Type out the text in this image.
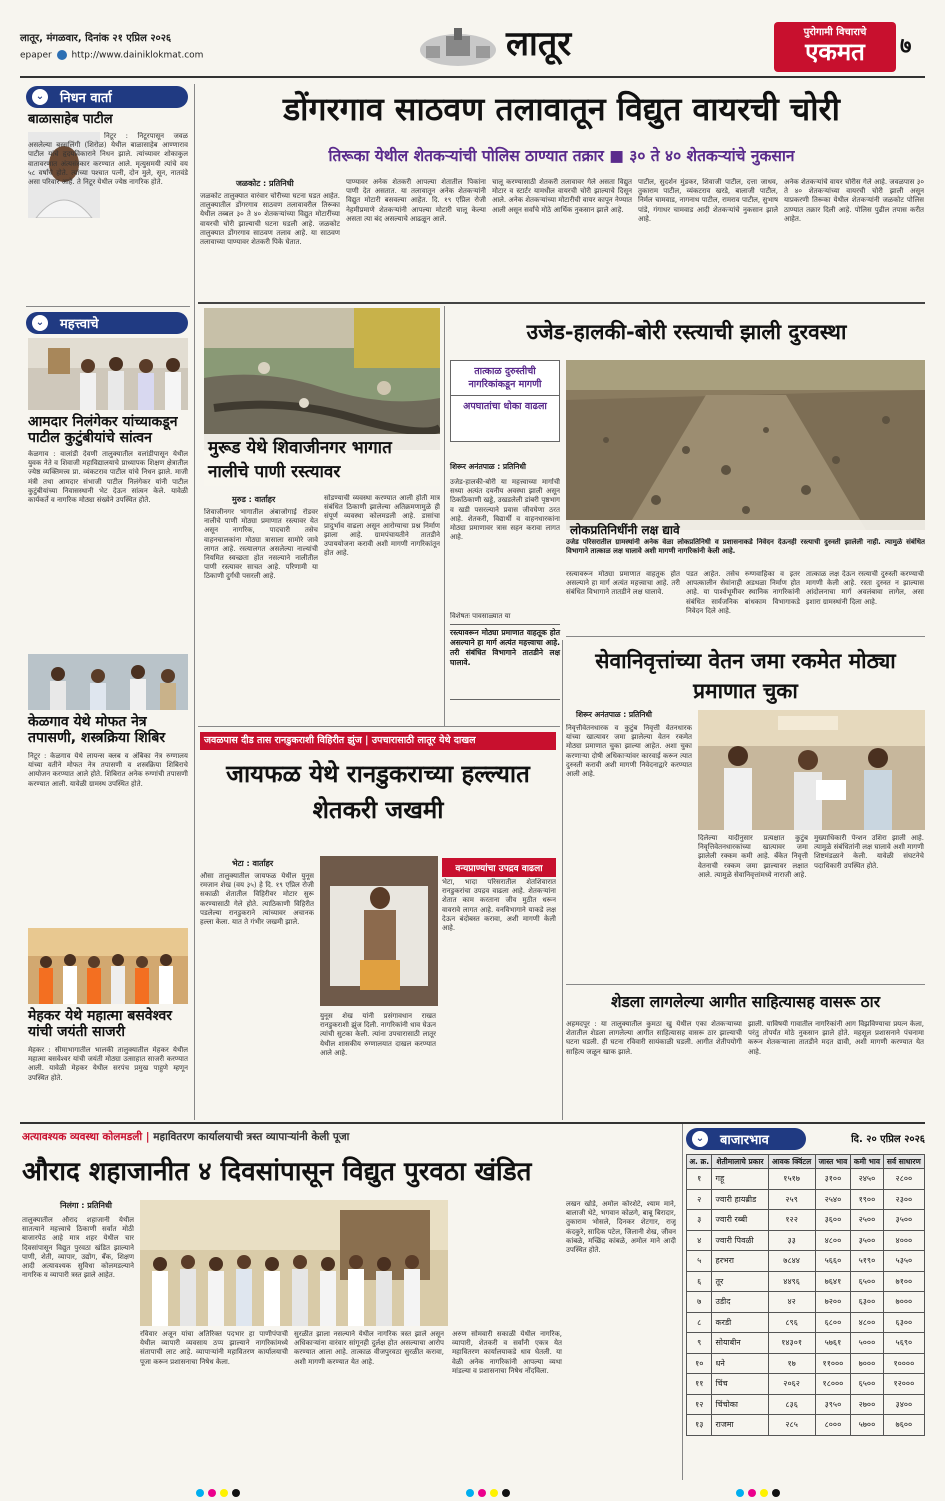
लातूर, मंगळवार, दिनांक २१ एप्रिल २०२६
epaper http://www.dainiklokmat.com	लातूर	पुरोगामी विचाराचे
एकमत	७
⌄ निधन वार्ता
बाळासाहेब पाटील
निटूर : निटूरपासून जवळ असलेल्या बस्सलिंगी (शिरोळ) येथील बाळासाहेब आण्णाराव पाटील यांचे हृदयविकाराने निधन झाले. त्यांच्यावर शोकाकुल वातावरणात अंत्यसंस्कार करण्यात आले. मृत्युसमयी त्यांचे वय ५८ वर्षांचे होते. त्यांच्या पश्चात पत्नी, दोन मुले, सून, नातवंडे असा परिवार आहे. ते निटूर येथील ज्येष्ठ नागरिक होते.
⌄ महत्त्वाचे
आमदार निलंगेकर यांच्याकडून पाटील कुटुंबीयांचे सांत्वन
केळगाव : वालांडी देवणी तालुक्यातील वलांडीपासून येथील युवक नेते व शिवाजी महाविद्यालयाचे प्राध्यापक शिक्षण क्षेत्रातील ज्येष्ठ व्यक्तिमत्त्व प्रा. व्यंकटराव पाटील यांचे निधन झाले. माजी मंत्री तथा आमदार संभाजी पाटील निलंगेकर यांनी पाटील कुटुंबीयांच्या निवासस्थानी भेट देऊन सांत्वन केले. यावेळी कार्यकर्ते व नागरिक मोठ्या संख्येने उपस्थित होते.
केळगाव येथे मोफत नेत्र तपासणी, शस्त्रक्रिया शिबिर
निटूर : केळगाव येथे लायन्स क्लब व अंबिका नेत्र रुग्णालय यांच्या वतीने मोफत नेत्र तपासणी व शस्त्रक्रिया शिबिराचे आयोजन करण्यात आले होते. शिबिरात अनेक रुग्णांची तपासणी करण्यात आली. यावेळी ग्रामस्थ उपस्थित होते.
मेहकर येथे महात्मा बसवेश्वर यांची जयंती साजरी
मेहकर : सीमाभागातील भालकी तालुक्यातील मेहकर येथील महात्मा बसवेश्वर यांची जयंती मोठ्या उत्साहात साजरी करण्यात आली. यावेळी मेहकर येथील सरपंच प्रमुख पाहुणे म्हणून उपस्थित होते.
डोंगरगाव साठवण तलावातून विद्युत वायरची चोरी
तिरूका येथील शेतकऱ्यांची पोलिस ठाण्यात तक्रार ■ ३० ते ४० शेतकऱ्यांचे नुकसान
जळकोट : प्रतिनिधी
जळकोट तालुक्यात वारंवार चोरीच्या घटना घडत आहेत. तालुक्यातील डोंगरगाव साठवण तलावावरील तिरूका येथील तब्बल ३० ते ४० शेतकऱ्यांच्या विद्युत मोटारींच्या वायरची चोरी झाल्याची घटना घडली आहे. जळकोट तालुक्यात डोंगरगाव साठवण तलाव आहे. या साठवण तलावाच्या पाण्यावर शेतकरी पिके घेतात.
पाण्यावर अनेक शेतकरी आपल्या शेतातील पिकांना पाणी देत असतात. या तलावातून अनेक शेतकऱ्यांनी विद्युत मोटारी बसवल्या आहेत. दि. १९ एप्रिल रोजी नेहमीप्रमाणे शेतकऱ्यांनी आपल्या मोटारी चालू केल्या असता त्या बंद असल्याचे आढळून आले.
चालू करण्यासाठी शेतकरी तलावावर गेले असता विद्युत मोटार व स्टार्टर यामधील वायरची चोरी झाल्याचे दिसून आले. अनेक शेतकऱ्यांच्या मोटारीची वायर कापून नेण्यात आली असून सर्वांचे मोठे आर्थिक नुकसान झाले आहे.
पाटील, सुदर्शन मुंडकर, शिवाजी पाटील, दत्ता जाधव, तुकाराम पाटील, व्यंकटराव खरडे, बालाजी पाटील, निर्मल चामवाड, नागनाथ पाटील, रामराव पाटील, सुभाष पांडे, गंगाधर चामवाड आदी शेतकऱ्यांचे नुकसान झाले आहे.
अनेक शेतकऱ्यांचे वायर चोरीस गेले आहे. जवळपास ३० ते ४० शेतकऱ्यांच्या वायरची चोरी झाली असून याप्रकरणी तिरूका येथील शेतकऱ्यांनी जळकोट पोलिस ठाण्यात तक्रार दिली आहे. पोलिस पुढील तपास करीत आहेत.
मुरूड येथे शिवाजीनगर भागात नालीचे पाणी रस्त्यावर
मुरुड : वार्ताहर
शिवाजीनगर भागातील अंबाजोगाई रोडवर नालीचे पाणी मोठ्या प्रमाणात रस्त्यावर येत असून नागरिक, पादचारी तसेच वाहनचालकांना मोठ्या त्रासाला सामोरे जावे लागत आहे. रस्त्यालगत असलेल्या नाल्यांची नियमित स्वच्छता होत नसल्याने नालीतील पाणी रस्त्यावर साचत आहे. परिणामी या ठिकाणी दुर्गंधी पसरली आहे.
सोडण्याची व्यवस्था करण्यात आली होती मात्र संबंधित ठिकाणी झालेल्या अतिक्रमणामुळे ही संपूर्ण व्यवस्था कोलमडली आहे. डासांचा प्रादुर्भाव वाढला असून आरोग्याचा प्रश्न निर्माण झाला आहे. ग्रामपंचायतीने तातडीने उपाययोजना करावी अशी मागणी नागरिकांतून होत आहे.
उजेड-हालकी-बोरी रस्त्याची झाली दुरवस्था
तात्काळ दुरुस्तीची नागरिकांकडून मागणी
अपघातांचा धोका वाढला
शिरूर अनंतपाळ : प्रतिनिधी
उजेड-हालकी-बोरी या महत्त्वाच्या मार्गाची सध्या अत्यंत दयनीय अवस्था झाली असून ठिकठिकाणी खड्डे, उखडलेली डांबरी पृष्ठभाग व खडी पसरल्याने प्रवास जीवघेणा ठरत आहे. शेतकरी, विद्यार्थी व वाहनधारकांना मोठ्या प्रमाणावर त्रास सहन करावा लागत आहे.
विशेषतः पावसाळ्यात या
रस्त्यावरून मोठ्या प्रमाणात वाहतूक होत असल्याने हा मार्ग अत्यंत महत्त्वाचा आहे. तरी संबंधित विभागाने तातडीने लक्ष घालावे.
लोकप्रतिनिधींनी लक्ष द्यावे
उजेड परिसरातील ग्रामस्थांनी अनेक वेळा लोकप्रतिनिधी व प्रशासनाकडे निवेदन देऊनही रस्त्याची दुरुस्ती झालेली नाही. त्यामुळे संबंधित विभागाने तात्काळ लक्ष घालावे अशी मागणी नागरिकांनी केली आहे.
रस्त्यावरून मोठ्या प्रमाणात वाहतूक होत असल्याने हा मार्ग अत्यंत महत्त्वाचा आहे. तरी संबंधित विभागाने तातडीने लक्ष घालावे.
पडत आहेत. तसेच रुग्णवाहिका व इतर आपत्कालीन सेवांनाही अडथळा निर्माण होत आहे. या पार्श्वभूमीवर स्थानिक नागरिकांनी संबंधित सार्वजनिक बांधकाम विभागाकडे निवेदन दिले आहे.
तात्काळ लक्ष देऊन रस्त्याची दुरुस्ती करण्याची मागणी केली आहे. रस्ता दुरुस्त न झाल्यास आंदोलनाचा मार्ग अवलंबावा लागेल, असा इशारा ग्रामस्थांनी दिला आहे.
सेवानिवृत्तांच्या वेतन जमा रकमेत मोठ्या प्रमाणात चुका
शिरूर अनंतपाळ : प्रतिनिधी
निवृत्तीवेतनधारक व कुटुंब निवृत्ती वेतनधारक यांच्या खात्यावर जमा झालेल्या वेतन रकमेत मोठ्या प्रमाणात चुका झाल्या आहेत. अशा चुका करणाऱ्या दोषी अधिकाऱ्यांवर कारवाई करून त्यात दुरुस्ती करावी अशी मागणी निवेदनाद्वारे करण्यात आली आहे.
दिलेल्या यादीनुसार प्रत्यक्षात कुटुंब निवृत्तिवेतनधारकांच्या खात्यावर जमा झालेली रक्कम कमी आहे. बँकेत निवृत्ती वेतनाची रक्कम जमा झाल्यावर लक्षात आले. त्यामुळे सेवानिवृत्तांमध्ये नाराजी आहे.
मुख्याधिकारी पेन्शन उशिरा झाली आहे. त्यामुळे संबंधितांनी लक्ष घालावे अशी मागणी शिष्टमंडळाने केली. यावेळी संघटनेचे पदाधिकारी उपस्थित होते.
जवळपास दीड तास रानडुकराशी विहिरीत झुंज | उपचारासाठी लातूर येथे दाखल
जायफळ येथे रानडुकराच्या हल्ल्यात शेतकरी जखमी
भेटा : वार्ताहर
औसा तालुक्यातील जायफळ येथील युनूस रमजान शेख (वय ३५) हे दि. १९ एप्रिल रोजी सकाळी शेतातील विहिरीवर मोटार सुरू करण्यासाठी गेले होते. त्याठिकाणी विहिरीत पडलेल्या रानडुकराने त्यांच्यावर अचानक हल्ला केला. यात ते गंभीर जखमी झाले.
युनूस शेख यांनी प्रसंगावधान राखत रानडुकराशी झुंज दिली. नागरिकांनी धाव घेऊन त्यांची सुटका केली. त्यांना उपचारासाठी लातूर येथील शासकीय रुग्णालयात दाखल करण्यात आले आहे.
वन्यप्राण्यांचा उपद्रव वाढला
भेटा, भादा परिसरातील शेतशिवारात रानडुकरांचा उपद्रव वाढला आहे. शेतकऱ्यांना शेतात काम करताना जीव मुठीत धरून वावरावे लागत आहे. वनविभागाने याकडे लक्ष देऊन बंदोबस्त करावा, अशी मागणी केली आहे.
शेडला लागलेल्या आगीत साहित्यासह वासरू ठार
अहमदपूर : या तालुक्यातील कुमठा खु येथील एका शेतकऱ्याच्या शेतातील शेडला लागलेल्या आगीत साहित्यासह वासरू ठार झाल्याची घटना घडली. ही घटना रविवारी सायंकाळी घडली. आगीत शेतीपयोगी साहित्य जळून खाक झाले.
झाली. याविषयी गावातील नागरिकांनी आग विझविण्याचा प्रयत्न केला, परंतु तोपर्यंत मोठे नुकसान झाले होते. महसूल प्रशासनाने पंचनामा करून शेतकऱ्याला तातडीने मदत द्यावी, अशी मागणी करण्यात येत आहे.
अत्यावश्यक व्यवस्था कोलमडली | महावितरण कार्यालयाची त्रस्त व्यापाऱ्यांनी केली पूजा
औराद शहाजानीत ४ दिवसांपासून विद्युत पुरवठा खंडित
निलंगा : प्रतिनिधी
तालुक्यातील औराद शहाजानी येथील सातत्याने महत्त्वाचे ठिकाणी सर्वात मोठी बाजारपेठ आहे मात्र शहर येथील चार दिवसांपासून विद्युत पुरवठा खंडित झाल्याने पाणी, शेती, व्यापार, उद्योग, बँक, शिक्षण आदी अत्यावश्यक सुविधा कोलमडल्याने नागरिक व व्यापारी त्रस्त झाले आहेत.
रविवार अजून यांचा अतिरिक्त पदभार हा पाणीपंपाची येथील व्यापारी व्यवसाय ठप्प झाल्याने नागरिकांमध्ये संतापाची लाट आहे. व्यापाऱ्यांनी महावितरण कार्यालयाची पूजा करून प्रशासनाचा निषेध केला.
सुरळीत झाला नसल्याने येथील नागरिक त्रस्त झाले असून अधिकाऱ्यांना वारंवार सांगूनही दुर्लक्ष होत असल्याचा आरोप करण्यात आला आहे. तात्काळ वीजपुरवठा सुरळीत करावा, अशी मागणी करण्यात येत आहे.
अरुण सोमवारी सकाळी येथील नागरिक, व्यापारी, शेतकरी व सर्वांनी एकत्र येत महावितरण कार्यालयाकडे धाव घेतली. या वेळी अनेक नागरिकांनी आपल्या व्यथा मांडल्या व प्रशासनाचा निषेध नोंदविला.
लखन खोडे, अमोल कोरशेटे, श्याम माने, बालाजी थेटे, भगवान कोळगे, बाबू बिरादार, तुकाराम भोसले, दिनकर शेटगार, राजू कंदकुरे, सादिक पटेल, जिलानी शेख, जीवन कांबळे, मच्छिंद्र कांबळे, अमोल माने आदी उपस्थित होते.
⌄ बाजारभाव	दि. २० एप्रिल २०२६
अ. क्र.	शेतीमालाचे प्रकार	आवक क्विंटल	जास्त भाव	कमी भाव	सर्व साधारण
१	गहू	१५१७	३१००	२४५०	२८००
२	ज्वारी हायब्रीड	२५९	२५४०	१९००	२३००
३	ज्वारी रब्बी	१२२	३६००	२५००	३५००
४	ज्वारी पिवळी	३३	४८००	३५००	४०००
५	हरभरा	७८४४	५६६०	५१९०	५३५०
६	तूर	४४९६	७६४१	६५००	७१००
७	उडीद	४२	७२००	६३००	७०००
८	करडी	८९६	६८००	४८००	६३००
९	सोयाबीन	१४३०१	५७६१	५०००	५६९०
१०	धने	१७	११०००	७०००	१००००
११	चिंच	२०६२	१८०००	६५००	१२०००
१२	चिंचोका	८३६	३९५०	२७००	३४००
१३	राजमा	२८५	८०००	५७००	७६००
